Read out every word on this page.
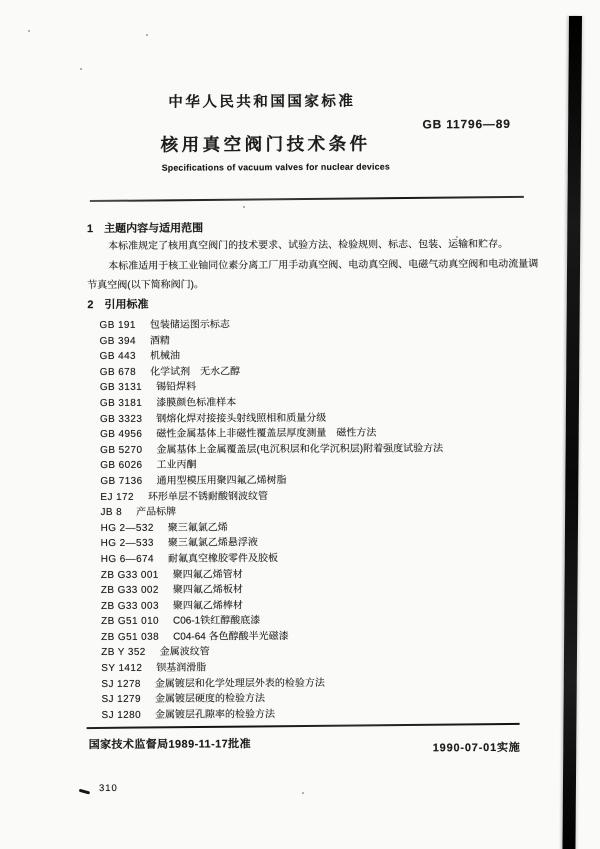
中华人民共和国国家标准
GB 11796—89
核用真空阀门技术条件
Specifications of vacuum valves for nuclear devices
1 主题内容与适用范围

本标准规定了核用真空阀门的技术要求、试验方法、检验规则、标志、包装、运输和贮存。

本标准适用于核工业铀同位素分离工厂用手动真空阀、电动真空阀、电磁气动真空阀和电动流量调节真空阀(以下简称阀门)。

2 引用标准
GB 191 包装储运图示标志
GB 394 酒精
GB 443 机械油
GB 678 化学试剂　无水乙醇
GB 3131 锡铅焊料
GB 3181 漆膜颜色标准样本
GB 3323 钢熔化焊对接接头射线照相和质量分级
GB 4956 磁性金属基体上非磁性覆盖层厚度测量　磁性方法
GB 5270 金属基体上金属覆盖层(电沉积层和化学沉积层)附着强度试验方法
GB 6026 工业丙酮
GB 7136 通用型模压用聚四氟乙烯树脂
EJ 172 环形单层不锈耐酸钢波纹管
JB 8 产品标牌
HG 2—532 聚三氟氯乙烯
HG 2—533 聚三氟氯乙烯悬浮液
HG 6—674 耐氟真空橡胶零件及胶板
ZB G33 001 聚四氟乙烯管材
ZB G33 002 聚四氟乙烯板材
ZB G33 003 聚四氟乙烯棒材
ZB G51 010 C06-1铁红醇酸底漆
ZB G51 038 C04-64 各色醇酸半光磁漆
ZB Y 352 金属波纹管
SY 1412 钡基润滑脂
SJ 1278 金属镀层和化学处理层外表的检验方法
SJ 1279 金属镀层硬度的检验方法
SJ 1280 金属镀层孔隙率的检验方法
国家技术监督局1989-11-17批准	1990-07-01实施
310
